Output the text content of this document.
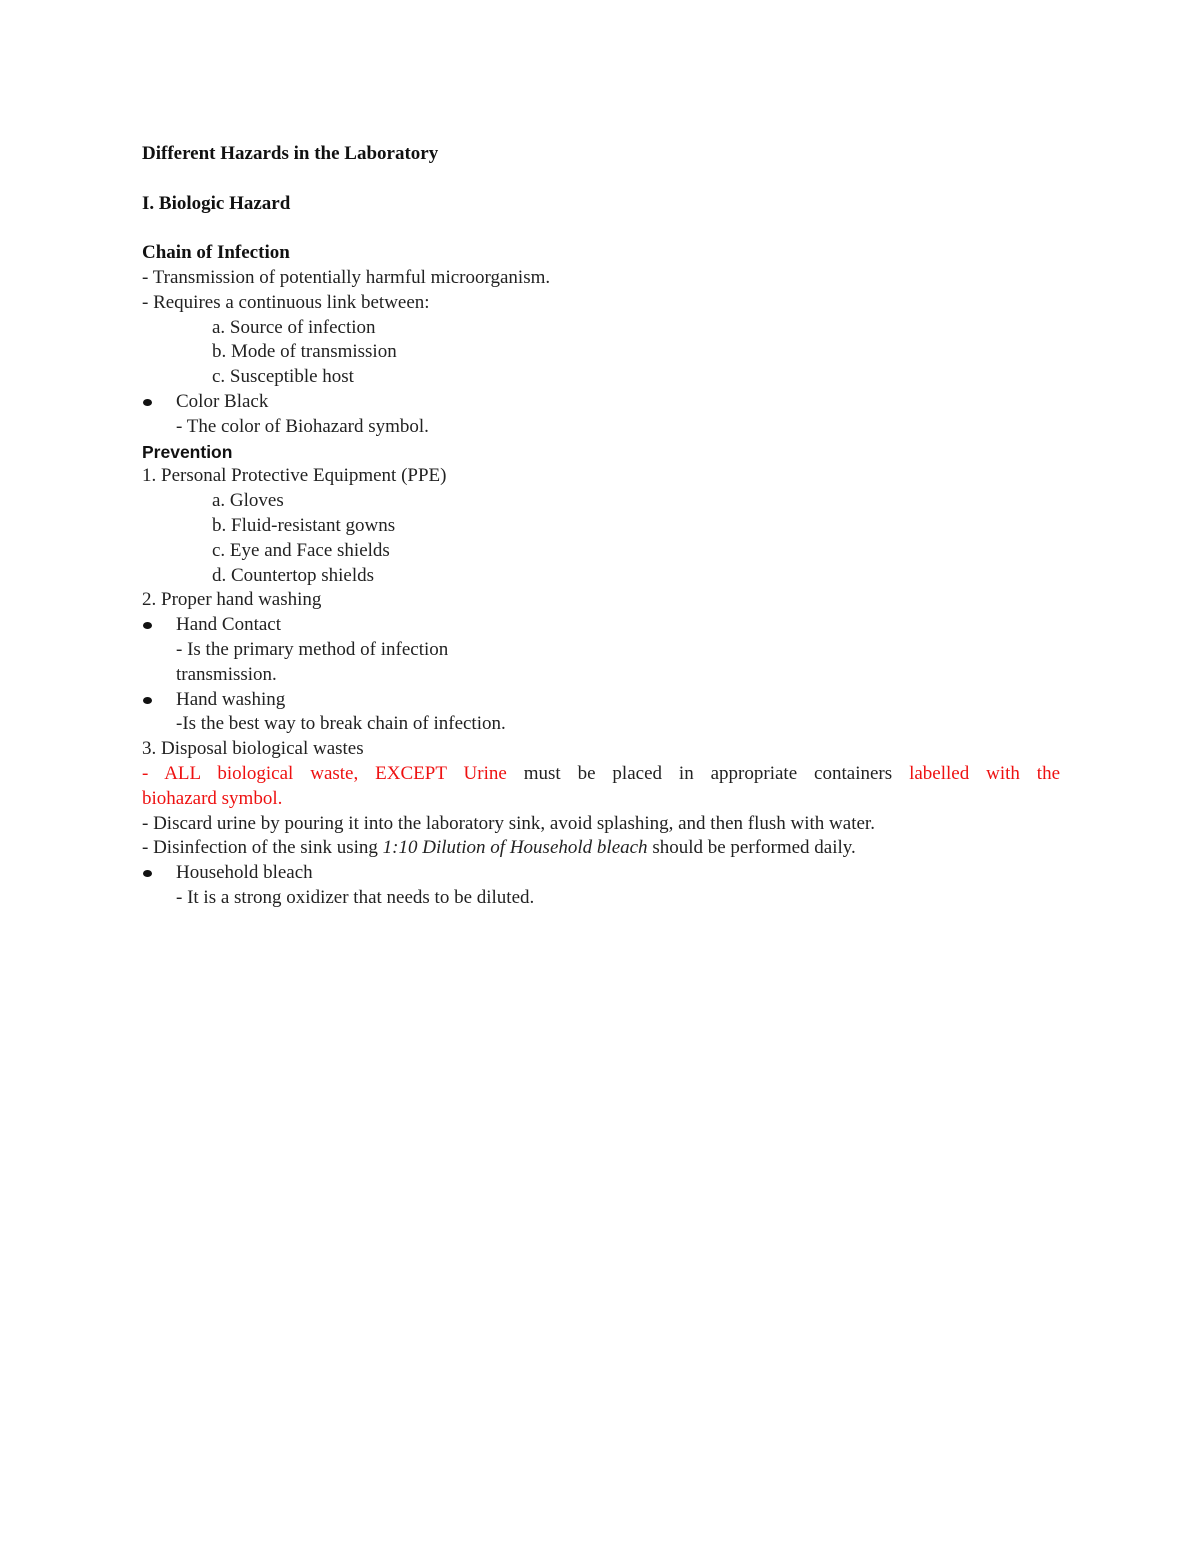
Different Hazards in the Laboratory
I. Biologic Hazard
Chain of Infection
- Transmission of potentially harmful microorganism.
- Requires a continuous link between:
a. Source of infection
b. Mode of transmission
c. Susceptible host
Color Black
- The color of Biohazard symbol.
Prevention
1. Personal Protective Equipment (PPE)
a. Gloves
b. Fluid-resistant gowns
c. Eye and Face shields
d. Countertop shields
2. Proper hand washing
Hand Contact
- Is the primary method of infection
transmission.
Hand washing
-Is the best way to break chain of infection.
3. Disposal biological wastes
- ALL biological waste, EXCEPT Urine must be placed in appropriate containers labelled with the
biohazard symbol.
- Discard urine by pouring it into the laboratory sink, avoid splashing, and then flush with water.
- Disinfection of the sink using 1:10 Dilution of Household bleach should be performed daily.
Household bleach
- It is a strong oxidizer that needs to be diluted.
